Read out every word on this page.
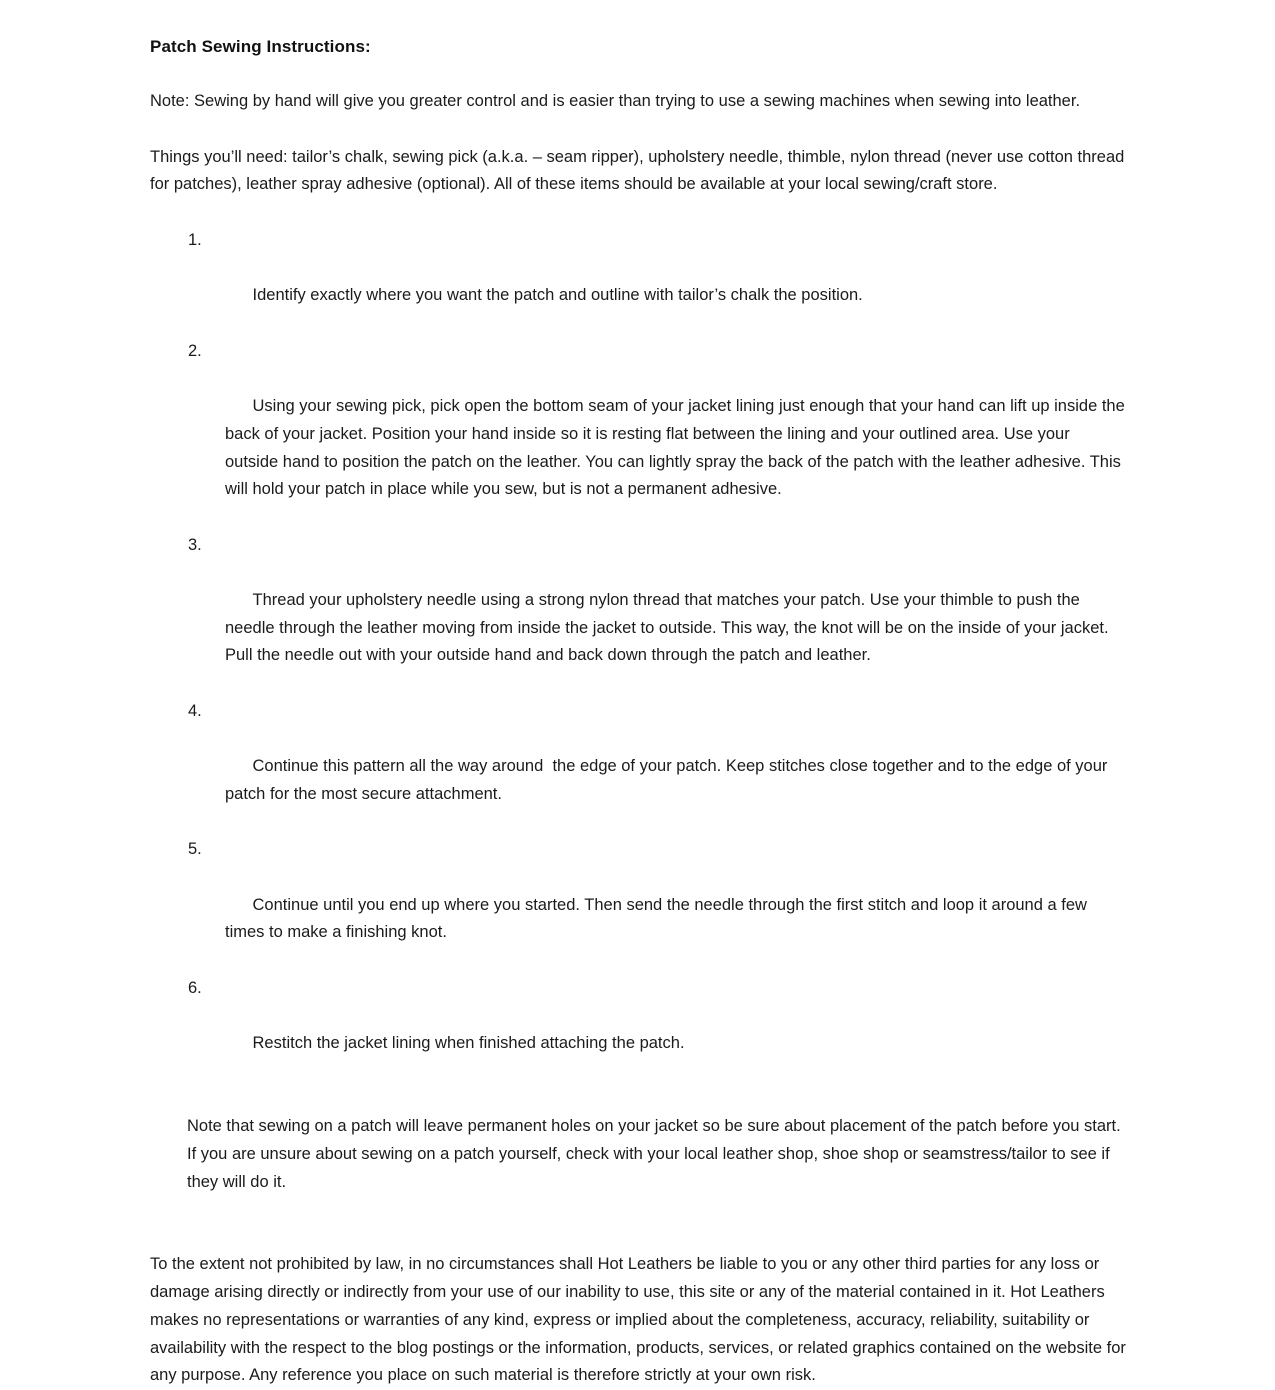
Patch Sewing Instructions:

Note: Sewing by hand will give you greater control and is easier than trying to use a sewing machines when sewing into leather.

Things you’ll need: tailor’s chalk, sewing pick (a.k.a. – seam ripper), upholstery needle, thimble, nylon thread (never use cotton thread for patches), leather spray adhesive (optional). All of these items should be available at your local sewing/craft store.

1.

Identify exactly where you want the patch and outline with tailor’s chalk the position.

2.

Using your sewing pick, pick open the bottom seam of your jacket lining just enough that your hand can lift up inside the back of your jacket. Position your hand inside so it is resting flat between the lining and your outlined area. Use your outside hand to position the patch on the leather. You can lightly spray the back of the patch with the leather adhesive. This will hold your patch in place while you sew, but is not a permanent adhesive.

3.

Thread your upholstery needle using a strong nylon thread that matches your patch. Use your thimble to push the needle through the leather moving from inside the jacket to outside. This way, the knot will be on the inside of your jacket. Pull the needle out with your outside hand and back down through the patch and leather.

4.

Continue this pattern all the way around  the edge of your patch. Keep stitches close together and to the edge of your patch for the most secure attachment.

5.

Continue until you end up where you started. Then send the needle through the first stitch and loop it around a few times to make a finishing knot.

6.

Restitch the jacket lining when finished attaching the patch.

Note that sewing on a patch will leave permanent holes on your jacket so be sure about placement of the patch before you start.

If you are unsure about sewing on a patch yourself, check with your local leather shop, shoe shop or seamstress/tailor to see if they will do it.

To the extent not prohibited by law, in no circumstances shall Hot Leathers be liable to you or any other third parties for any loss or damage arising directly or indirectly from your use of our inability to use, this site or any of the material contained in it. Hot Leathers makes no representations or warranties of any kind, express or implied about the completeness, accuracy, reliability, suitability or availability with the respect to the blog postings or the information, products, services, or related graphics contained on the website for any purpose. Any reference you place on such material is therefore strictly at your own risk.
